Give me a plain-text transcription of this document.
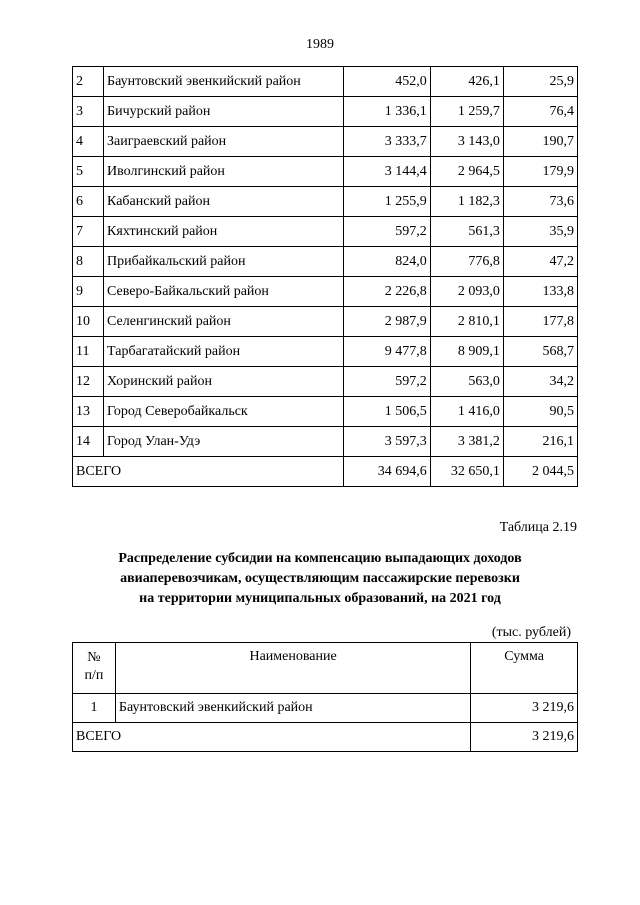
1989
2	Баунтовский эвенкийский район	452,0	426,1	25,9
3	Бичурский район	1 336,1	1 259,7	76,4
4	Заиграевский район	3 333,7	3 143,0	190,7
5	Иволгинский район	3 144,4	2 964,5	179,9
6	Кабанский район	1 255,9	1 182,3	73,6
7	Кяхтинский район	597,2	561,3	35,9
8	Прибайкальский район	824,0	776,8	47,2
9	Северо-Байкальский район	2 226,8	2 093,0	133,8
10	Селенгинский район	2 987,9	2 810,1	177,8
11	Тарбагатайский район	9 477,8	8 909,1	568,7
12	Хоринский район	597,2	563,0	34,2
13	Город Северобайкальск	1 506,5	1 416,0	90,5
14	Город Улан-Удэ	3 597,3	3 381,2	216,1
ВСЕГО		34 694,6	32 650,1	2 044,5
Таблица 2.19
Распределение субсидии на компенсацию выпадающих доходов
авиаперевозчикам, осуществляющим пассажирские перевозки
на территории муниципальных образований, на 2021 год
(тыс. рублей)
№
п/п	Наименование	Сумма
1	Баунтовский эвенкийский район	3 219,6
ВСЕГО		3 219,6
